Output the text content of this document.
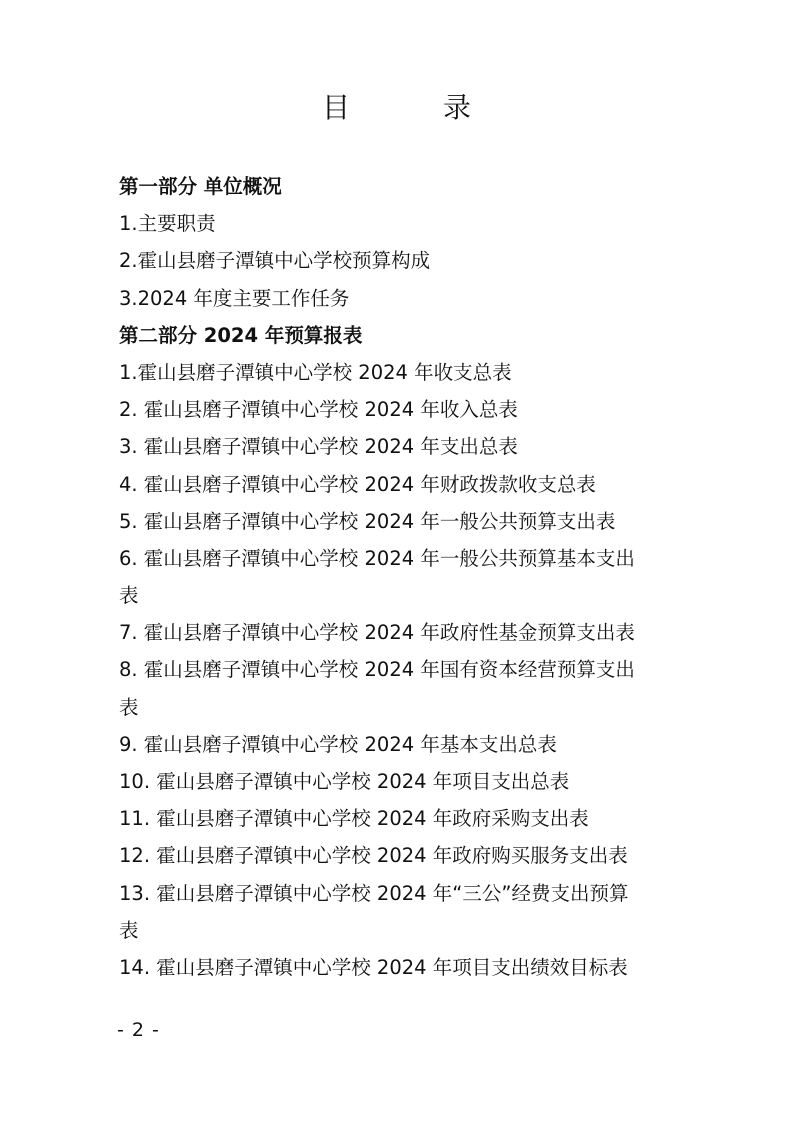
目 录
第一部分 单位概况
1.主要职责
2.霍山县磨子潭镇中心学校预算构成
3.2024 年度主要工作任务
第二部分 2024 年预算报表
1.霍山县磨子潭镇中心学校 2024 年收支总表
2. 霍山县磨子潭镇中心学校 2024 年收入总表
3. 霍山县磨子潭镇中心学校 2024 年支出总表
4. 霍山县磨子潭镇中心学校 2024 年财政拨款收支总表
5. 霍山县磨子潭镇中心学校 2024 年一般公共预算支出表
6. 霍山县磨子潭镇中心学校 2024 年一般公共预算基本支出
表
7. 霍山县磨子潭镇中心学校 2024 年政府性基金预算支出表
8. 霍山县磨子潭镇中心学校 2024 年国有资本经营预算支出
表
9. 霍山县磨子潭镇中心学校 2024 年基本支出总表
10. 霍山县磨子潭镇中心学校 2024 年项目支出总表
11. 霍山县磨子潭镇中心学校 2024 年政府采购支出表
12. 霍山县磨子潭镇中心学校 2024 年政府购买服务支出表
13. 霍山县磨子潭镇中心学校 2024 年“三公”经费支出预算
表
14. 霍山县磨子潭镇中心学校 2024 年项目支出绩效目标表
- 2 -
